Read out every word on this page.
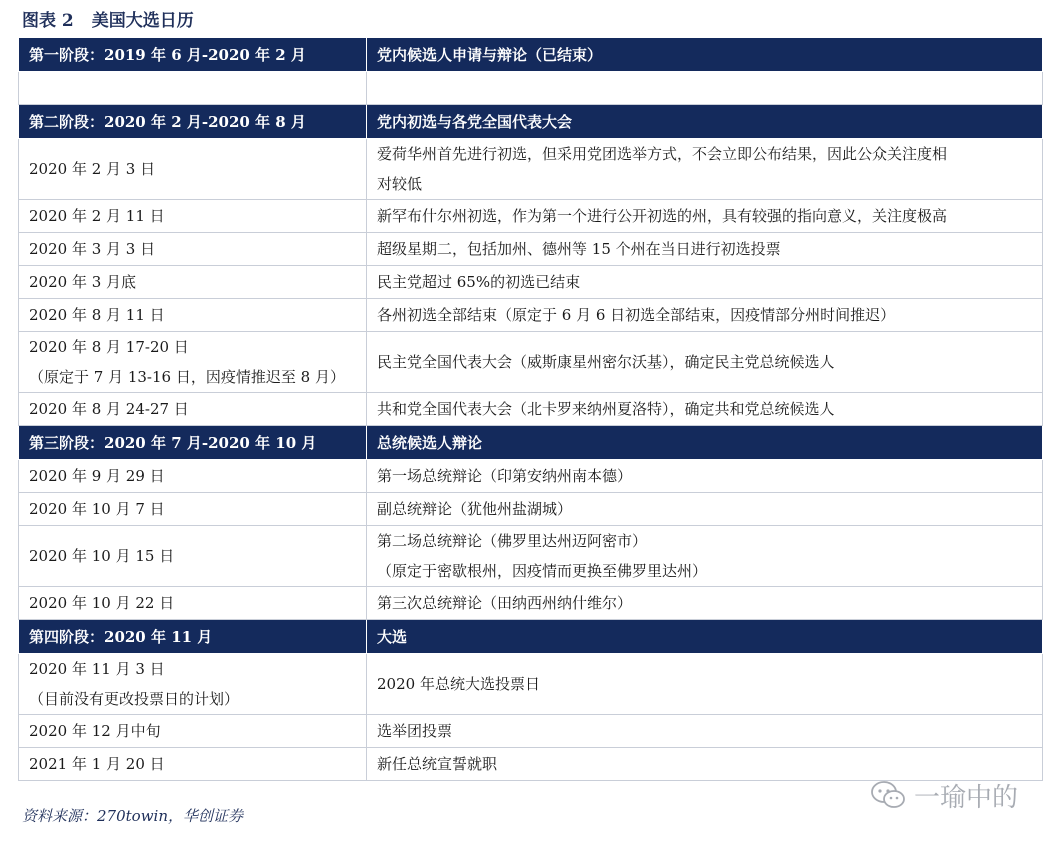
图表 2 美国大选日历
第一阶段：2019 年 6 月-2020 年 2 月	党内候选人申请与辩论（已结束）

第二阶段：2020 年 2 月-2020 年 8 月	党内初选与各党全国代表大会

2020 年 2 月 3 日	爱荷华州首先进行初选，但采用党团选举方式，不会立即公布结果，因此公众关注度相
对较低

2020 年 2 月 11 日	新罕布什尔州初选，作为第一个进行公开初选的州，具有较强的指向意义，关注度极高

2020 年 3 月 3 日	超级星期二，包括加州、德州等 15 个州在当日进行初选投票

2020 年 3 月底	民主党超过 65%的初选已结束

2020 年 8 月 11 日	各州初选全部结束（原定于 6 月 6 日初选全部结束，因疫情部分州时间推迟）

2020 年 8 月 17-20 日
（原定于 7 月 13-16 日，因疫情推迟至 8 月）	民主党全国代表大会（威斯康星州密尔沃基），确定民主党总统候选人

2020 年 8 月 24-27 日	共和党全国代表大会（北卡罗来纳州夏洛特），确定共和党总统候选人

第三阶段：2020 年 7 月-2020 年 10 月	总统候选人辩论

2020 年 9 月 29 日	第一场总统辩论（印第安纳州南本德）

2020 年 10 月 7 日	副总统辩论（犹他州盐湖城）

2020 年 10 月 15 日	第二场总统辩论（佛罗里达州迈阿密市）
（原定于密歇根州，因疫情而更换至佛罗里达州）

2020 年 10 月 22 日	第三次总统辩论（田纳西州纳什维尔）

第四阶段：2020 年 11 月	大选

2020 年 11 月 3 日
（目前没有更改投票日的计划）	2020 年总统大选投票日

2020 年 12 月中旬	选举团投票

2021 年 1 月 20 日	新任总统宣誓就职
资料来源：270towin，华创证券
一瑜中的
